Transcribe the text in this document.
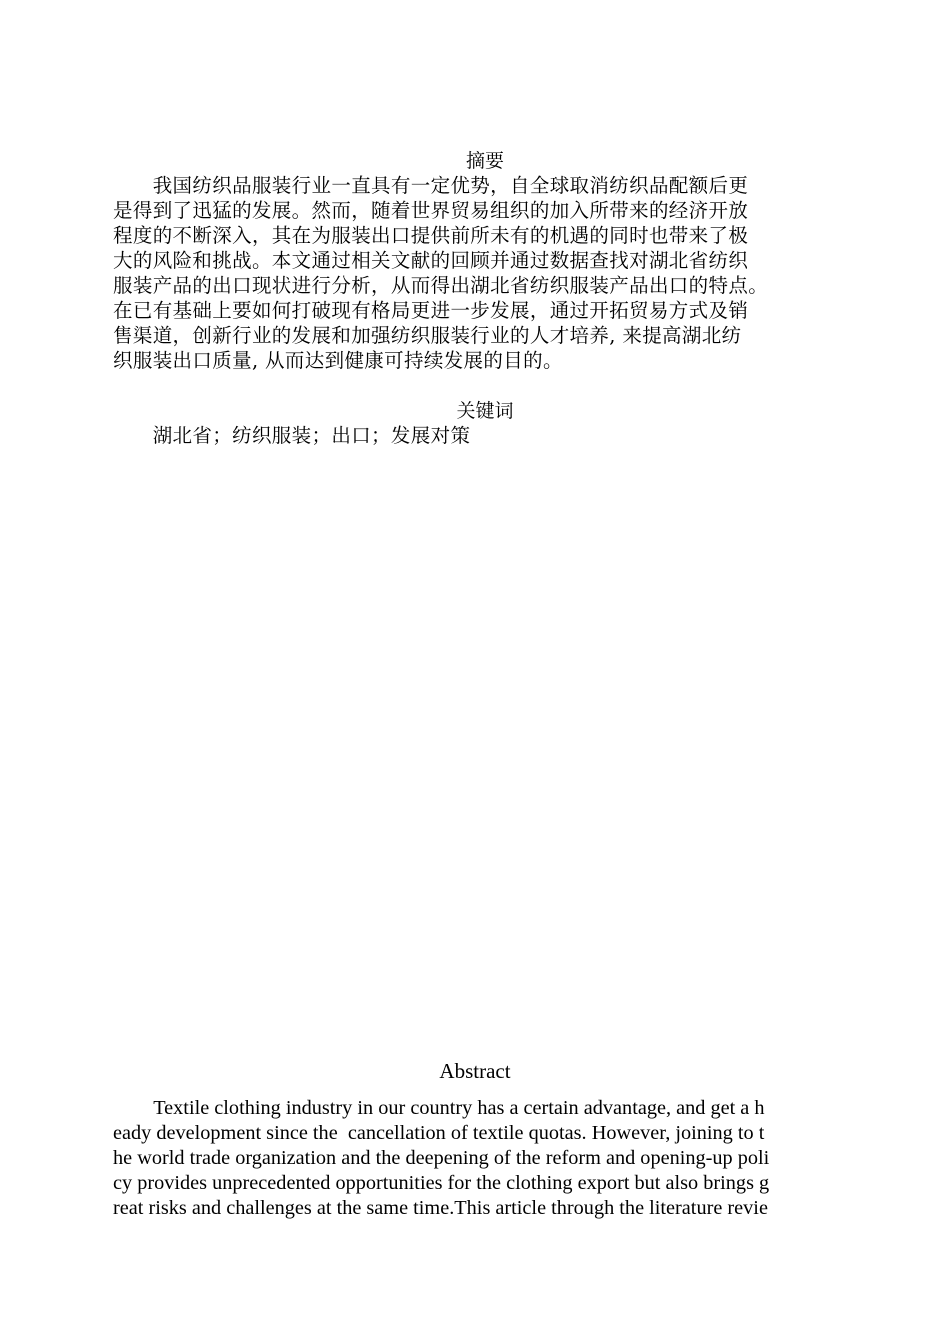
摘要
　　我国纺织品服装行业一直具有一定优势，自全球取消纺织品配额后更
是得到了迅猛的发展。然而，随着世界贸易组织的加入所带来的经济开放
程度的不断深入，其在为服装出口提供前所未有的机遇的同时也带来了极
大的风险和挑战。本文通过相关文献的回顾并通过数据查找对湖北省纺织
服装产品的出口现状进行分析，从而得出湖北省纺织服装产品出口的特点。
在已有基础上要如何打破现有格局更进一步发展，通过开拓贸易方式及销
售渠道，创新行业的发展和加强纺织服装行业的人才培养, 来提高湖北纺
织服装出口质量, 从而达到健康可持续发展的目的。
关键词
　　湖北省；纺织服装；出口；发展对策
Abstract
Textile clothing industry in our country has a certain advantage, and get a h
eady development since the  cancellation of textile quotas. However, joining to t
he world trade organization and the deepening of the reform and opening-up poli
cy provides unprecedented opportunities for the clothing export but also brings g
reat risks and challenges at the same time.This article through the literature revie
